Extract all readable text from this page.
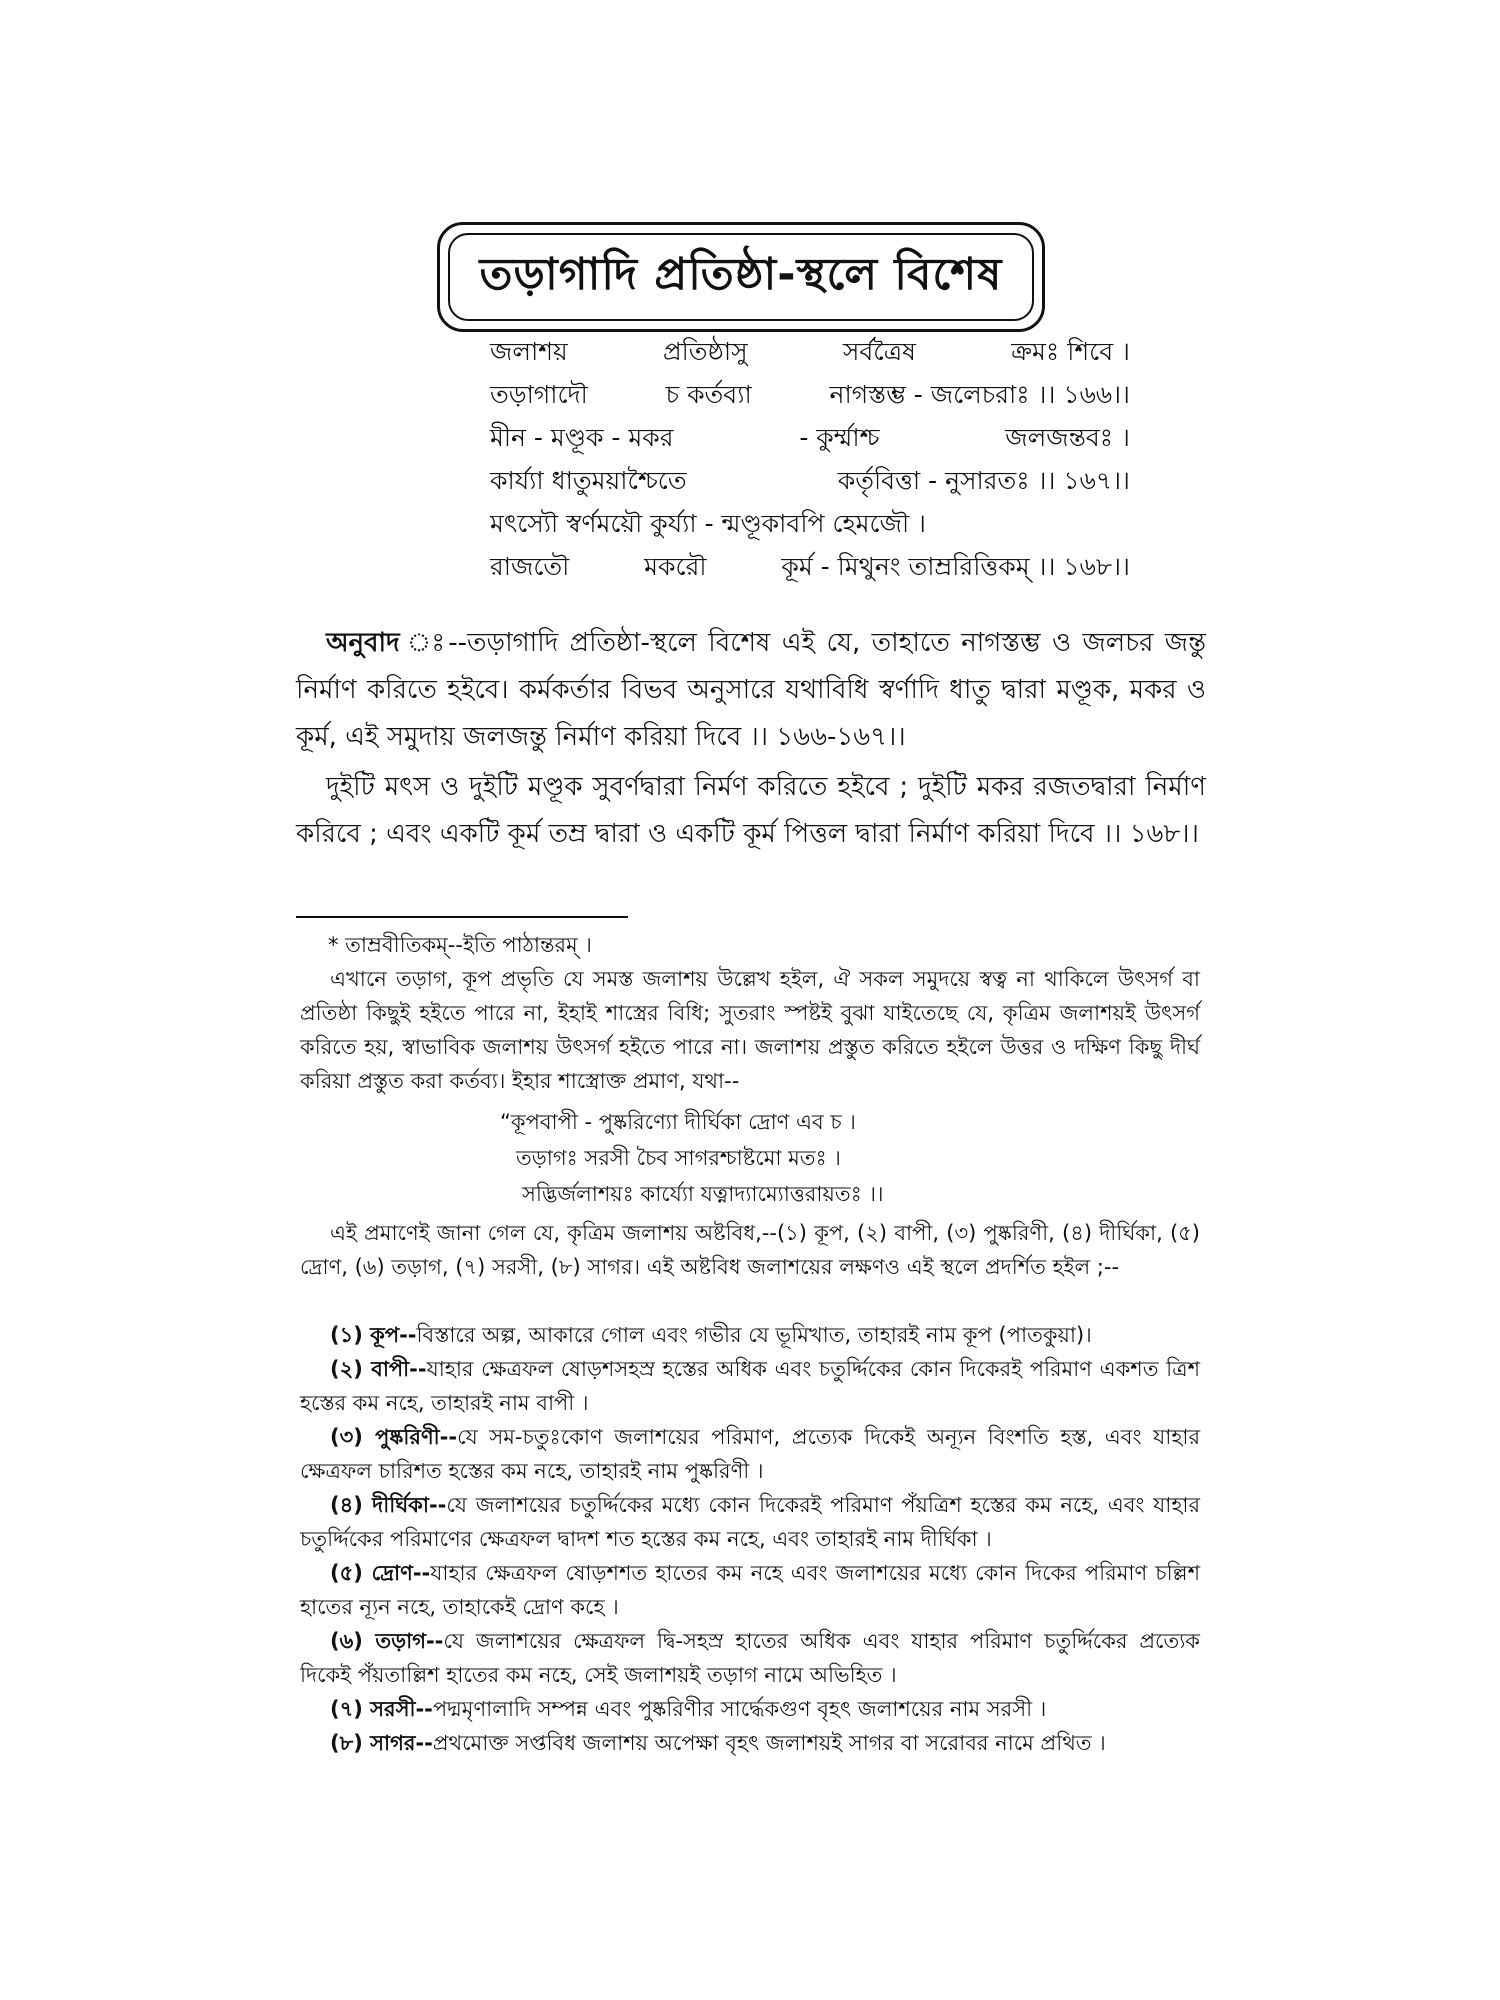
তড়াগাদি প্রতিষ্ঠা-স্থলে বিশেষ
জলাশয়	প্রতিষ্ঠাসু	সর্বত্রৈষ	ক্রমঃ শিবে ।
তড়াগাদৌ	চ কর্তব্যা	নাগস্তম্ভ - জলেচরাঃ ।। ১৬৬।।
মীন - মণ্ডূক - মকর	- কুর্ম্মাশ্চ	জলজন্তবঃ ।
কার্য্যা ধাতুময়াশ্চৈতে	কর্তৃবিত্তা - নুসারতঃ ।। ১৬৭।।
মৎস্যৌ স্বর্ণময়ৌ কুর্য্যা - ন্মণ্ডূকাবপি হেমজৌ ।
রাজতৌ	মকরৌ	কূর্ম - মিথুনং তাম্ররিত্তিকম্ ।। ১৬৮।।
অনুবাদ ঃ--তড়াগাদি প্রতিষ্ঠা-স্থলে বিশেষ এই যে, তাহাতে নাগস্তম্ভ ও জলচর জন্তু নির্মাণ করিতে হইবে। কর্মকর্তার বিভব অনুসারে যথাবিধি স্বর্ণাদি ধাতু দ্বারা মণ্ডূক, মকর ও কূর্ম, এই সমুদায় জলজন্তু নির্মাণ করিয়া দিবে ।। ১৬৬-১৬৭।।
দুইটি মৎস ও দুইটি মণ্ডূক সুবর্ণদ্বারা নির্মণ করিতে হইবে ; দুইটি মকর রজতদ্বারা নির্মাণ করিবে ; এবং একটি কূর্ম তম্র দ্বারা ও একটি কূর্ম পিত্তল দ্বারা নির্মাণ করিয়া দিবে ।। ১৬৮।।
* তাম্রবীতিকম্--ইতি পাঠান্তরম্ ।
এখানে তড়াগ, কূপ প্রভৃতি যে সমস্ত জলাশয় উল্লেখ হইল, ঐ সকল সমুদয়ে স্বত্ব না থাকিলে উৎসর্গ বা প্রতিষ্ঠা কিছুই হইতে পারে না, ইহাই শাস্ত্রের বিধি; সুতরাং স্পষ্টই বুঝা যাইতেছে যে, কৃত্রিম জলাশয়ই উৎসর্গ করিতে হয়, স্বাভাবিক জলাশয় উৎসর্গ হইতে পারে না। জলাশয় প্রস্তুত করিতে হইলে উত্তর ও দক্ষিণ কিছু দীর্ঘ করিয়া প্রস্তুত করা কর্তব্য। ইহার শাস্ত্রোক্ত প্রমাণ, যথা--
“কূপবাপী - পুষ্করিণ্যো দীর্ঘিকা দ্রোণ এব চ ।
তড়াগঃ সরসী চৈব সাগরশ্চাষ্টমো মতঃ ।
সদ্ভির্জলাশয়ঃ কার্য্যো যত্নাদ্যাম্যোত্তরায়তঃ ।।
এই প্রমাণেই জানা গেল যে, কৃত্রিম জলাশয় অষ্টবিধ,--(১) কূপ, (২) বাপী, (৩) পুষ্করিণী, (৪) দীর্ঘিকা, (৫) দ্রোণ, (৬) তড়াগ, (৭) সরসী, (৮) সাগর। এই অষ্টবিধ জলাশয়ের লক্ষণও এই স্থলে প্রদর্শিত হইল ;--
(১) কূপ--বিস্তারে অল্প, আকারে গোল এবং গভীর যে ভূমিখাত, তাহারই নাম কূপ (পাতকুয়া)।
(২) বাপী--যাহার ক্ষেত্রফল ষোড়শসহস্র হস্তের অধিক এবং চতুর্দ্দিকের কোন দিকেরই পরিমাণ একশত ত্রিশ হস্তের কম নহে, তাহারই নাম বাপী ।
(৩) পুষ্করিণী--যে সম-চতুঃকোণ জলাশয়ের পরিমাণ, প্রত্যেক দিকেই অন্যূন বিংশতি হস্ত, এবং যাহার ক্ষেত্রফল চারিশত হস্তের কম নহে, তাহারই নাম পুষ্করিণী ।
(৪) দীর্ঘিকা--যে জলাশয়ের চতুর্দ্দিকের মধ্যে কোন দিকেরই পরিমাণ পঁয়ত্রিশ হস্তের কম নহে, এবং যাহার চতুর্দ্দিকের পরিমাণের ক্ষেত্রফল দ্বাদশ শত হস্তের কম নহে, এবং তাহারই নাম দীর্ঘিকা ।
(৫) দ্রোণ--যাহার ক্ষেত্রফল ষোড়শশত হাতের কম নহে এবং জলাশয়ের মধ্যে কোন দিকের পরিমাণ চল্লিশ হাতের ন্যূন নহে, তাহাকেই দ্রোণ কহে ।
(৬) তড়াগ--যে জলাশয়ের ক্ষেত্রফল দ্বি-সহস্র হাতের অধিক এবং যাহার পরিমাণ চতুর্দ্দিকের প্রত্যেক দিকেই পঁয়তাল্লিশ হাতের কম নহে, সেই জলাশয়ই তড়াগ নামে অভিহিত ।
(৭) সরসী--পদ্মমৃণালাদি সম্পন্ন এবং পুষ্করিণীর সার্দ্ধেকগুণ বৃহৎ জলাশয়ের নাম সরসী ।
(৮) সাগর--প্রথমোক্ত সপ্তবিধ জলাশয় অপেক্ষা বৃহৎ জলাশয়ই সাগর বা সরোবর নামে প্রথিত ।
